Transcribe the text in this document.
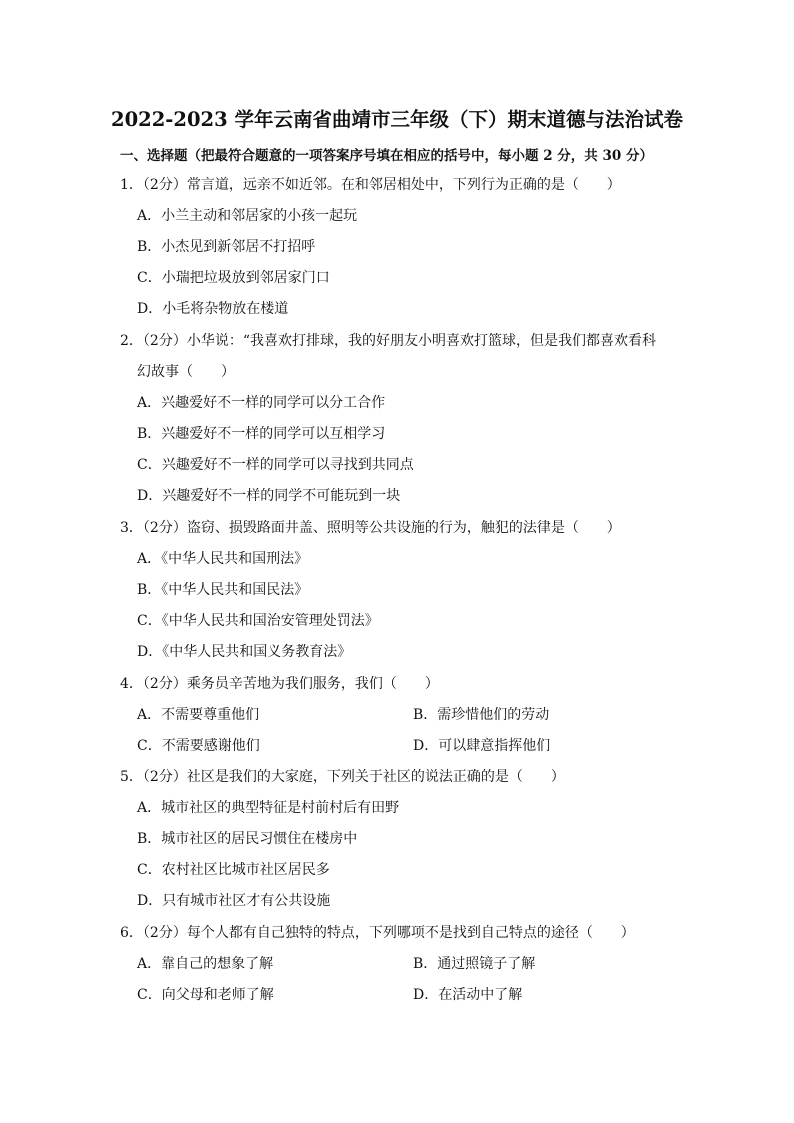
2022-2023 学年云南省曲靖市三年级（下）期末道德与法治试卷
一、选择题（把最符合题意的一项答案序号填在相应的括号中，每小题 2 分，共 30 分）
1．（2分）常言道，远亲不如近邻。在和邻居相处中，下列行为正确的是（　　）
A．小兰主动和邻居家的小孩一起玩
B．小杰见到新邻居不打招呼
C．小瑞把垃圾放到邻居家门口
D．小毛将杂物放在楼道
2．（2分）小华说：“我喜欢打排球，我的好朋友小明喜欢打篮球，但是我们都喜欢看科
幻故事（　　）
A．兴趣爱好不一样的同学可以分工合作
B．兴趣爱好不一样的同学可以互相学习
C．兴趣爱好不一样的同学可以寻找到共同点
D．兴趣爱好不一样的同学不可能玩到一块
3．（2分）盗窃、损毁路面井盖、照明等公共设施的行为，触犯的法律是（　　）
A．《中华人民共和国刑法》
B．《中华人民共和国民法》
C．《中华人民共和国治安管理处罚法》
D．《中华人民共和国义务教育法》
4．（2分）乘务员辛苦地为我们服务，我们（　　）
A．不需要尊重他们	B．需珍惜他们的劳动
C．不需要感谢他们	D．可以肆意指挥他们
5．（2分）社区是我们的大家庭，下列关于社区的说法正确的是（　　）
A．城市社区的典型特征是村前村后有田野
B．城市社区的居民习惯住在楼房中
C．农村社区比城市社区居民多
D．只有城市社区才有公共设施
6．（2分）每个人都有自己独特的特点，下列哪项不是找到自己特点的途径（　　）
A．靠自己的想象了解	B．通过照镜子了解
C．向父母和老师了解	D．在活动中了解
